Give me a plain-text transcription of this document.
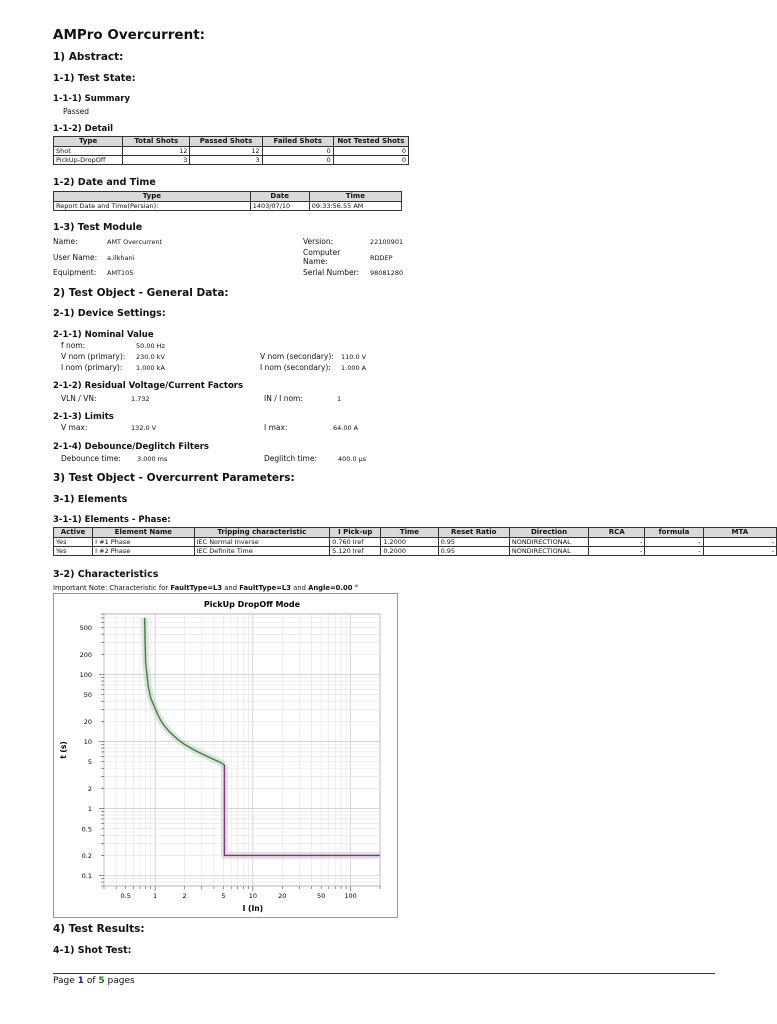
AMPro Overcurrent:
1) Abstract:
1-1) Test State:
1-1-1) Summary
Passed
1-1-2) Detail
Type	Total Shots	Passed Shots	Failed Shots	Not Tested Shots
Shot	12	12	0	0
PickUp-DropOff	3	3	0	0
1-2) Date and Time
Type	Date	Time
Report Date and Time(Persian):	1403/07/10	09:33:56.55 AM
1-3) Test Module
Name:	AMT Overcurrent
User Name: a.ilkhani
Equipment: AMT105
Version:	22100901
Computer
Name:	RDDEP
Serial Number: 98081280
2) Test Object - General Data:
2-1) Device Settings:
2-1-1) Nominal Value
f nom:	50.00 Hz
V nom (primary): 230.0 kV
I nom (primary): 1.000 kA
V nom (secondary): 110.0 V
I nom (secondary): 1.000 A
2-1-2) Residual Voltage/Current Factors
VLN / VN:	1.732	IN / I nom:	1
2-1-3) Limits
V max:	132.0 V	I max:	64.00 A
2-1-4) Debounce/Deglitch Filters
Debounce time: 3.000 ms	Deglitch time:	400.0 µs
3) Test Object - Overcurrent Parameters:
3-1) Elements
3-1-1) Elements - Phase:
Active	Element Name	Tripping characteristic	I Pick-up	Time	Reset Ratio	Direction	RCA	formula	MTA
Yes	I #1 Phase	IEC Normal Inverse	0.760 Iref	1.2000	0.95	NONDIRECTIONAL	-	-	-
Yes	I #2 Phase	IEC Definite Time	5.120 Iref	0.2000	0.95	NONDIRECTIONAL	-	-	-
3-2) Characteristics
Important Note: Characteristic for FaultType=L3 and FaultType=L3 and Angle=0.00 °
PickUp DropOff Mode
0.5	1	2	5	10	20	50	100
500
200
100
50
20
10
5
2
1
0.5
0.2
0.1
I (In)
t (s)
4) Test Results:
4-1) Shot Test:
Page 1 of 5 pages
